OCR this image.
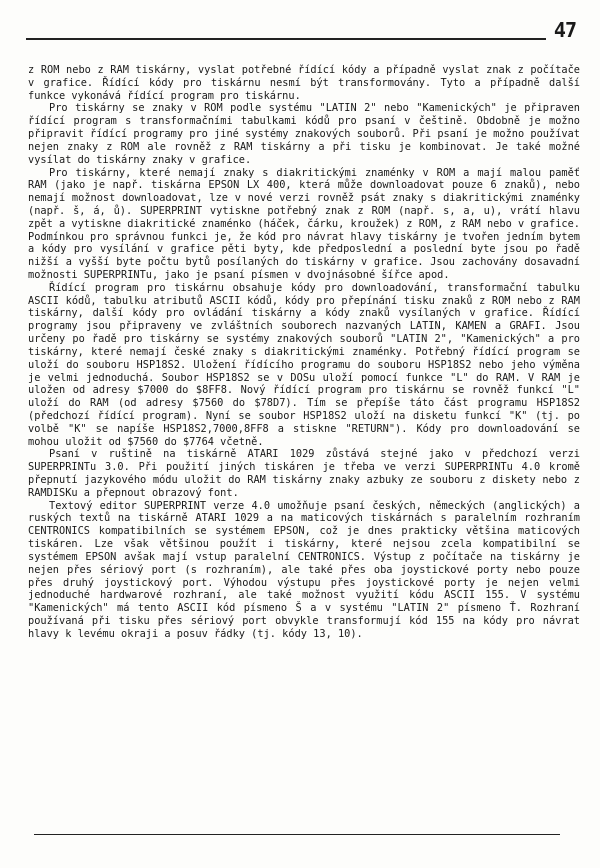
47

z ROM nebo z RAM tiskárny, vyslat potřebné řídící kódy a případně vyslat znak z počítače v grafice. Řídící kódy pro tiskárnu nesmí být transformovány. Tyto a případně další funkce vykonává řídící program pro tiskárnu.

Pro tiskárny se znaky v ROM podle systému "LATIN 2" nebo "Kamenických" je připraven řídící program s transformačními tabulkami kódů pro psaní v češtině. Obdobně je možno připravit řídící programy pro jiné systémy znakových souborů. Při psaní je možno používat nejen znaky z ROM ale rovněž z RAM tiskárny a při tisku je kombinovat. Je také možné vysílat do tiskárny znaky v grafice.

Pro tiskárny, které nemají znaky s diakritickými znaménky v ROM a mají malou paměť RAM (jako je např. tiskárna EPSON LX 400, která může downloadovat pouze 6 znaků), nebo nemají možnost downloadovat, lze v nové verzi rovněž psát znaky s diakritickými znaménky (např. š, á, ů). SUPERPRINT vytiskne potřebný znak z ROM (např. s, a, u), vrátí hlavu zpět a vytiskne diakritické znaménko (háček, čárku, kroužek) z ROM, z RAM nebo v grafice. Podmínkou pro správnou funkci je, že kód pro návrat hlavy tiskárny je tvořen jedním bytem a kódy pro vysílání v grafice pěti byty, kde předposlední a poslední byte jsou po řadě nižší a vyšší byte počtu bytů posílaných do tiskárny v grafice. Jsou zachovány dosavadní možnosti SUPERPRINTu, jako je psaní písmen v dvojnásobné šířce apod.

Řídící program pro tiskárnu obsahuje kódy pro downloadování, transformační tabulku ASCII kódů, tabulku atributů ASCII kódů, kódy pro přepínání tisku znaků z ROM nebo z RAM tiskárny, další kódy pro ovládání tiskárny a kódy znaků vysílaných v grafice. Řídící programy jsou připraveny ve zvláštních souborech nazvaných LATIN, KAMEN a GRAFI. Jsou určeny po řadě pro tiskárny se systémy znakových souborů "LATIN 2", "Kamenických" a pro tiskárny, které nemají české znaky s diakritickými znaménky. Potřebný řídící program se uloží do souboru HSP18S2. Uložení řídícího programu do souboru HSP18S2 nebo jeho výměna je velmi jednoduchá. Soubor HSP18S2 se v DOSu uloží pomocí funkce "L" do RAM. V RAM je uložen od adresy $7000 do $8FF8. Nový řídící program pro tiskárnu se rovněž funkcí "L" uloží do RAM (od adresy $7560 do $78D7). Tím se přepíše táto část programu HSP18S2 (předchozí řídící program). Nyní se soubor HSP18S2 uloží na disketu funkcí "K" (tj. po volbě "K" se napíše HSP18S2,7000,8FF8 a stiskne "RETURN"). Kódy pro downloadování se mohou uložit od $7560 do $7764 včetně.

Psaní v ruštině na tiskárně ATARI 1029 zůstává stejné jako v předchozí verzi SUPERPRINTu 3.0. Při použití jiných tiskáren je třeba ve verzi SUPERPRINTu 4.0 kromě přepnutí jazykového módu uložit do RAM tiskárny znaky azbuky ze souboru z diskety nebo z RAMDISKu a přepnout obrazový font.

Textový editor SUPERPRINT verze 4.0 umožňuje psaní českých, německých (anglických) a ruských textů na tiskárně ATARI 1029 a na maticových tiskárnách s paralelním rozhraním CENTRONICS kompatibilních se systémem EPSON, což je dnes prakticky většina maticových tiskáren. Lze však většinou použít i tiskárny, které nejsou zcela kompatibilní se systémem EPSON avšak mají vstup paralelní CENTRONICS. Výstup z počítače na tiskárny je nejen přes sériový port (s rozhraním), ale také přes oba joystickové porty nebo pouze přes druhý joystickový port. Výhodou výstupu přes joystickové porty je nejen velmi jednoduché hardwarové rozhraní, ale také možnost využití kódu ASCII 155. V systému "Kamenických" má tento ASCII kód písmeno Š a v systému "LATIN 2" písmeno Ť. Rozhraní používaná při tisku přes sériový port obvykle transformují kód 155 na kódy pro návrat hlavy k levému okraji a posuv řádky (tj. kódy 13, 10).
